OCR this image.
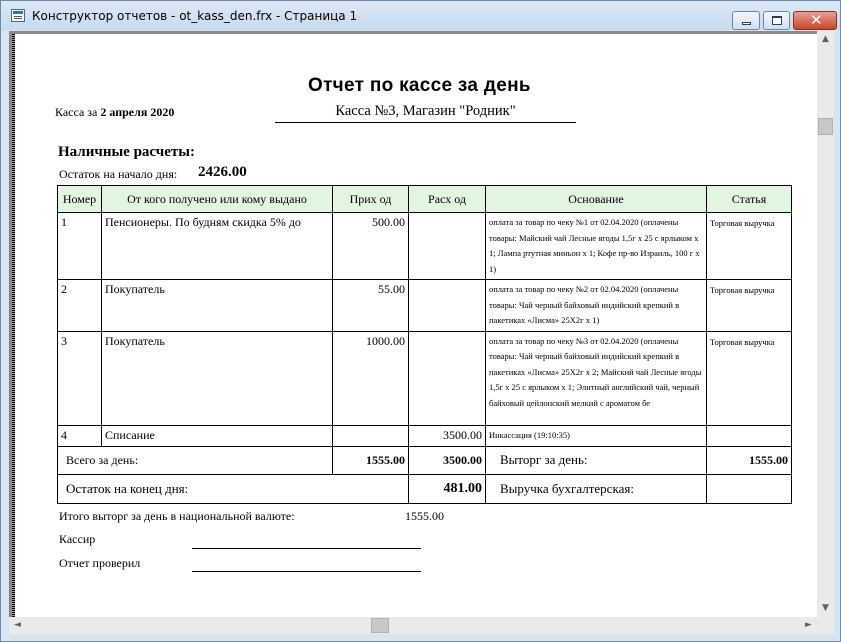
Конструктор отчетов - ot_kass_den.frx - Страница 1	✕
Отчет по кассе за день
Касса за 2 апреля 2020	Касса №3, Магазин "Родник"
Наличные расчеты:
Остаток на начало дня: 2426.00
Номер	От кого получено или кому выдано	Прих од	Расх од	Основание	Статья
1	Пенсионеры. По будням скидка 5% до	500.00		оплата за товар по чеку №1 от 02.04.2020 (оплачены товары: Майский чай Лесные ягоды 1,5г х 25 с ярлыком х 1; Лампа ртутная миньон х 1; Кофе пр-во Израиль, 100 г х 1)	Торговая выручка
2	Покупатель	55.00		оплата за товар по чеку №2 от 02.04.2020 (оплачены товары: Чай черный байховый индийский крепкий в пакетиках «Лисма» 25Х2г х 1)	Торговая выручка
3	Покупатель	1000.00		оплата за товар по чеку №3 от 02.04.2020 (оплачены товары: Чай черный байховый индийский крепкий в пакетиках «Лисма» 25Х2г х 2; Майский чай Лесные ягоды 1,5г х 25 с ярлыком х 1; Элитный английский чай, черный байховый цейлонский мелкий с ароматом бе	Торговая выручка
4	Списание		3500.00	Инкассация (19:10:35)	
Всего за день:		1555.00	3500.00	Выторг за день:	1555.00
Остаток на конец дня:			481.00	Выручка бухгалтерская:	
Итого выторг за день в национальной валюте:	1555.00
Кассир
Отчет проверил
▲
▼
◄	►
